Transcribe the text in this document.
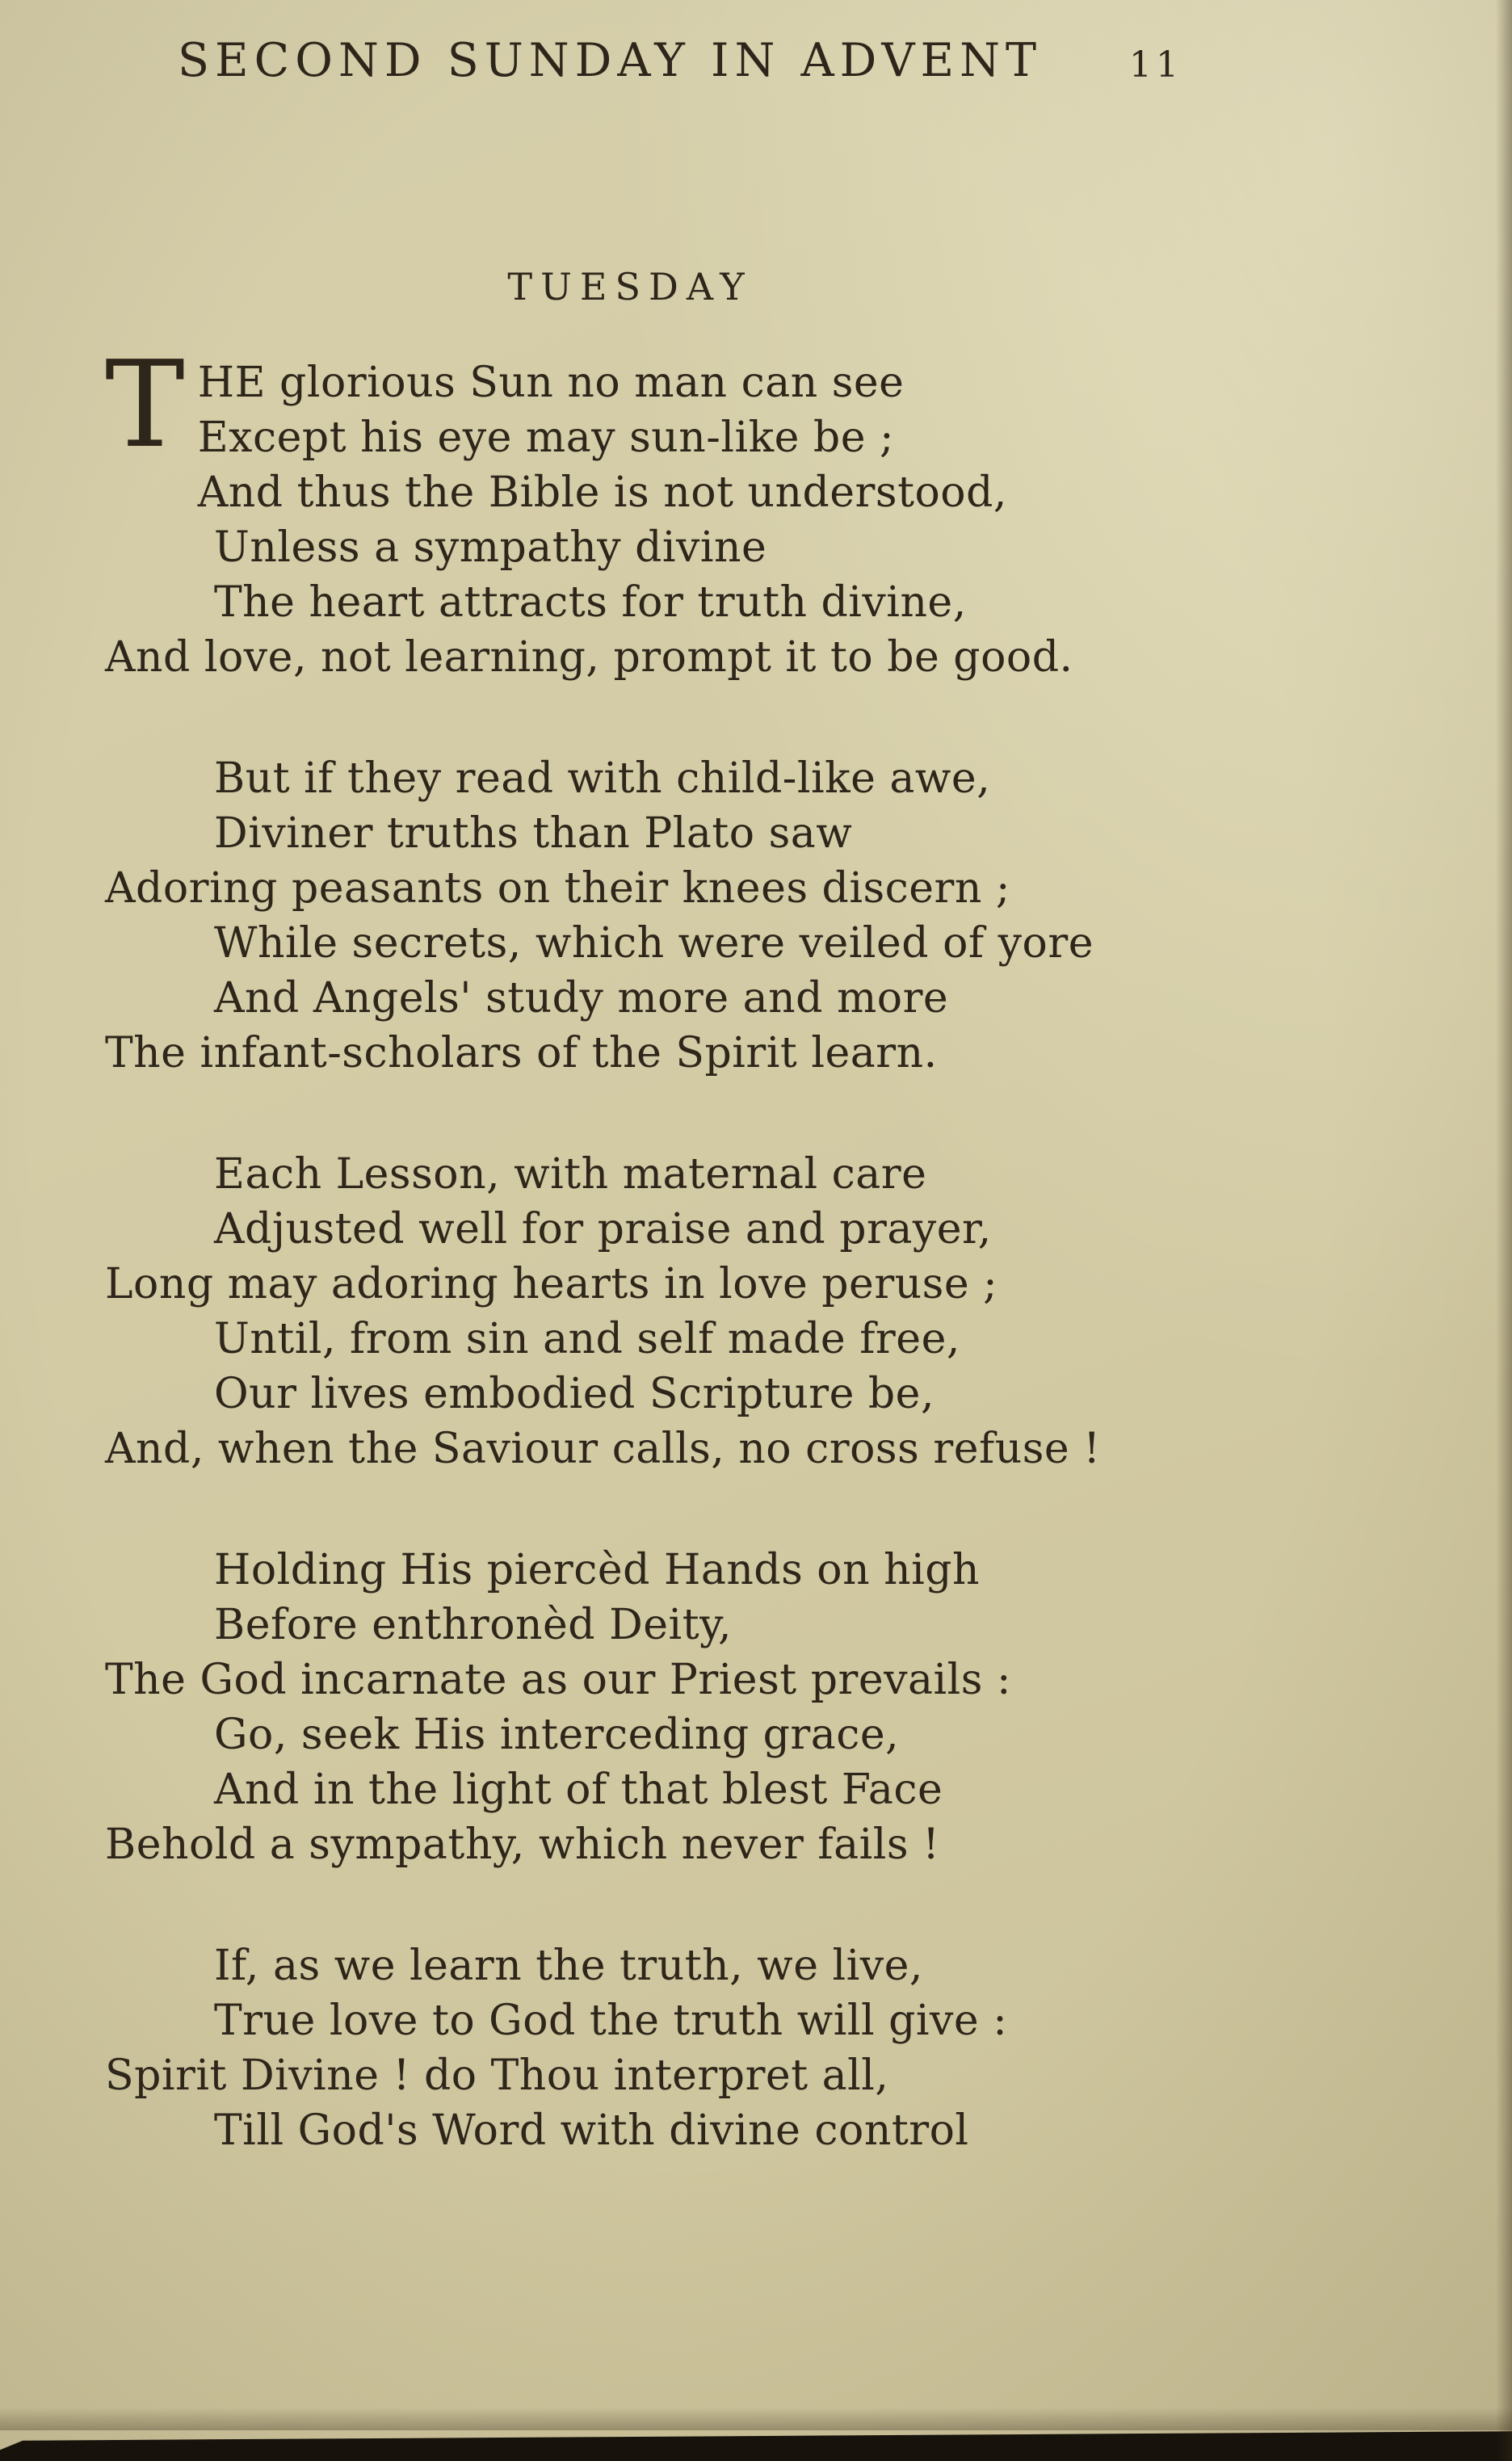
SECOND SUNDAY IN ADVENT	11
TUESDAY
T HE glorious Sun no man can see
Except his eye may sun-like be ;
And thus the Bible is not understood,
Unless a sympathy divine
The heart attracts for truth divine,
And love, not learning, prompt it to be good.
But if they read with child-like awe,
Diviner truths than Plato saw
Adoring peasants on their knees discern ;
While secrets, which were veiled of yore
And Angels' study more and more
The infant-scholars of the Spirit learn.
Each Lesson, with maternal care
Adjusted well for praise and prayer,
Long may adoring hearts in love peruse ;
Until, from sin and self made free,
Our lives embodied Scripture be,
And, when the Saviour calls, no cross refuse !
Holding His piercèd Hands on high
Before enthronèd Deity,
The God incarnate as our Priest prevails :
Go, seek His interceding grace,
And in the light of that blest Face
Behold a sympathy, which never fails !
If, as we learn the truth, we live,
True love to God the truth will give :
Spirit Divine ! do Thou interpret all,
Till God's Word with divine control
